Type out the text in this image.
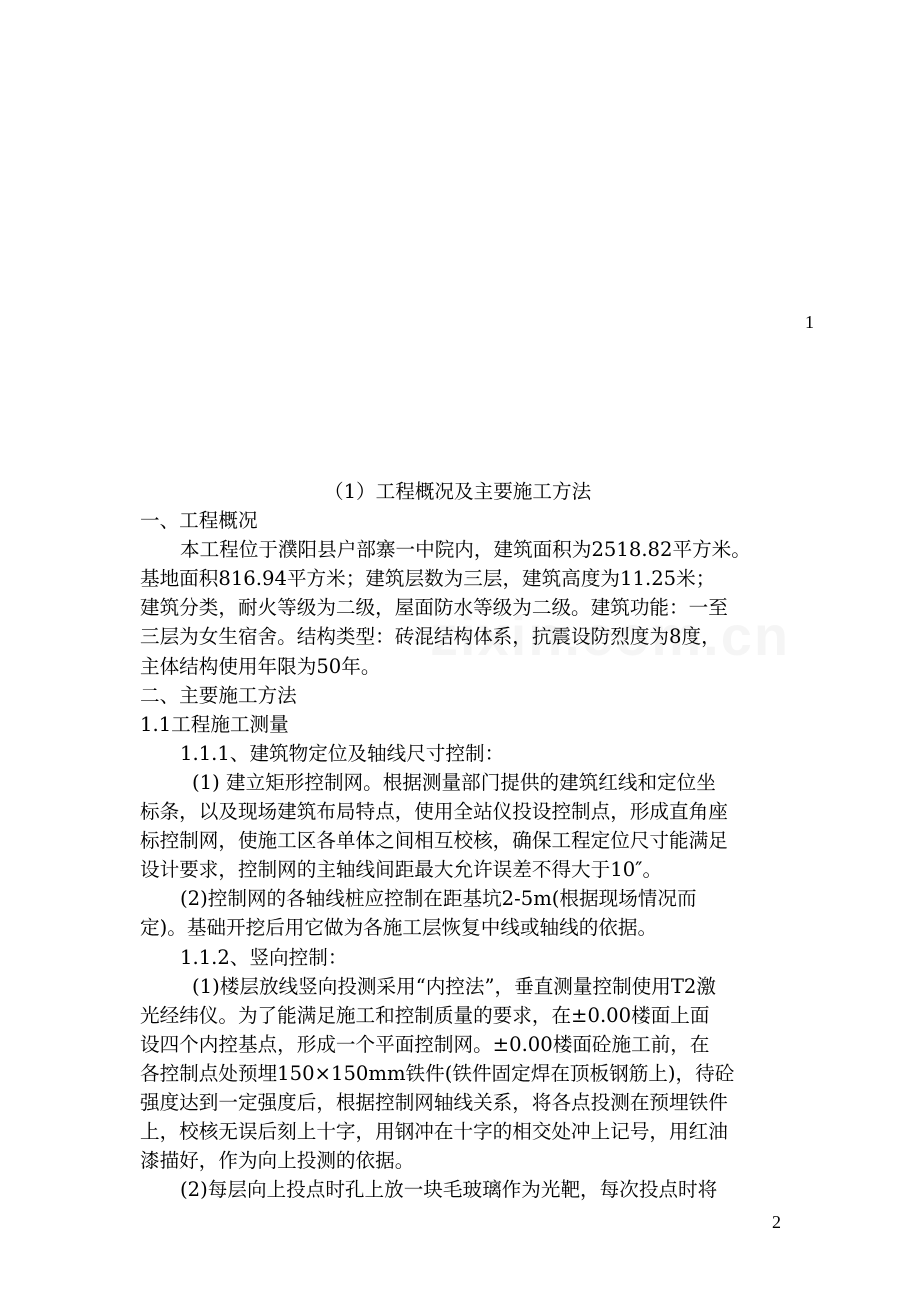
1
（1）工程概况及主要施工方法
一、工程概况
本工程位于濮阳县户部寨一中院内，建筑面积为2518.82平方米。
基地面积816.94平方米；建筑层数为三层，建筑高度为11.25米；
建筑分类，耐火等级为二级，屋面防水等级为二级。建筑功能：一至
三层为女生宿舍。结构类型：砖混结构体系，抗震设防烈度为8度，
主体结构使用年限为50年。
二、主要施工方法
1.1工程施工测量
1.1.1、建筑物定位及轴线尺寸控制：
(1) 建立矩形控制网。根据测量部门提供的建筑红线和定位坐
标条，以及现场建筑布局特点，使用全站仪投设控制点，形成直角座
标控制网，使施工区各单体之间相互校核，确保工程定位尺寸能满足
设计要求，控制网的主轴线间距最大允许误差不得大于10″。
(2)控制网的各轴线桩应控制在距基坑2-5m(根据现场情况而
定)。基础开挖后用它做为各施工层恢复中线或轴线的依据。
1.1.2、竖向控制：
(1)楼层放线竖向投测采用“内控法”，垂直测量控制使用T2激
光经纬仪。为了能满足施工和控制质量的要求，在±0.00楼面上面
设四个内控基点，形成一个平面控制网。±0.00楼面砼施工前，在
各控制点处预埋150×150mm铁件(铁件固定焊在顶板钢筋上)，待砼
强度达到一定强度后，根据控制网轴线关系，将各点投测在预埋铁件
上，校核无误后刻上十字，用钢冲在十字的相交处冲上记号，用红油
漆描好，作为向上投测的依据。
(2)每层向上投点时孔上放一块毛玻璃作为光靶，每次投点时将
2
